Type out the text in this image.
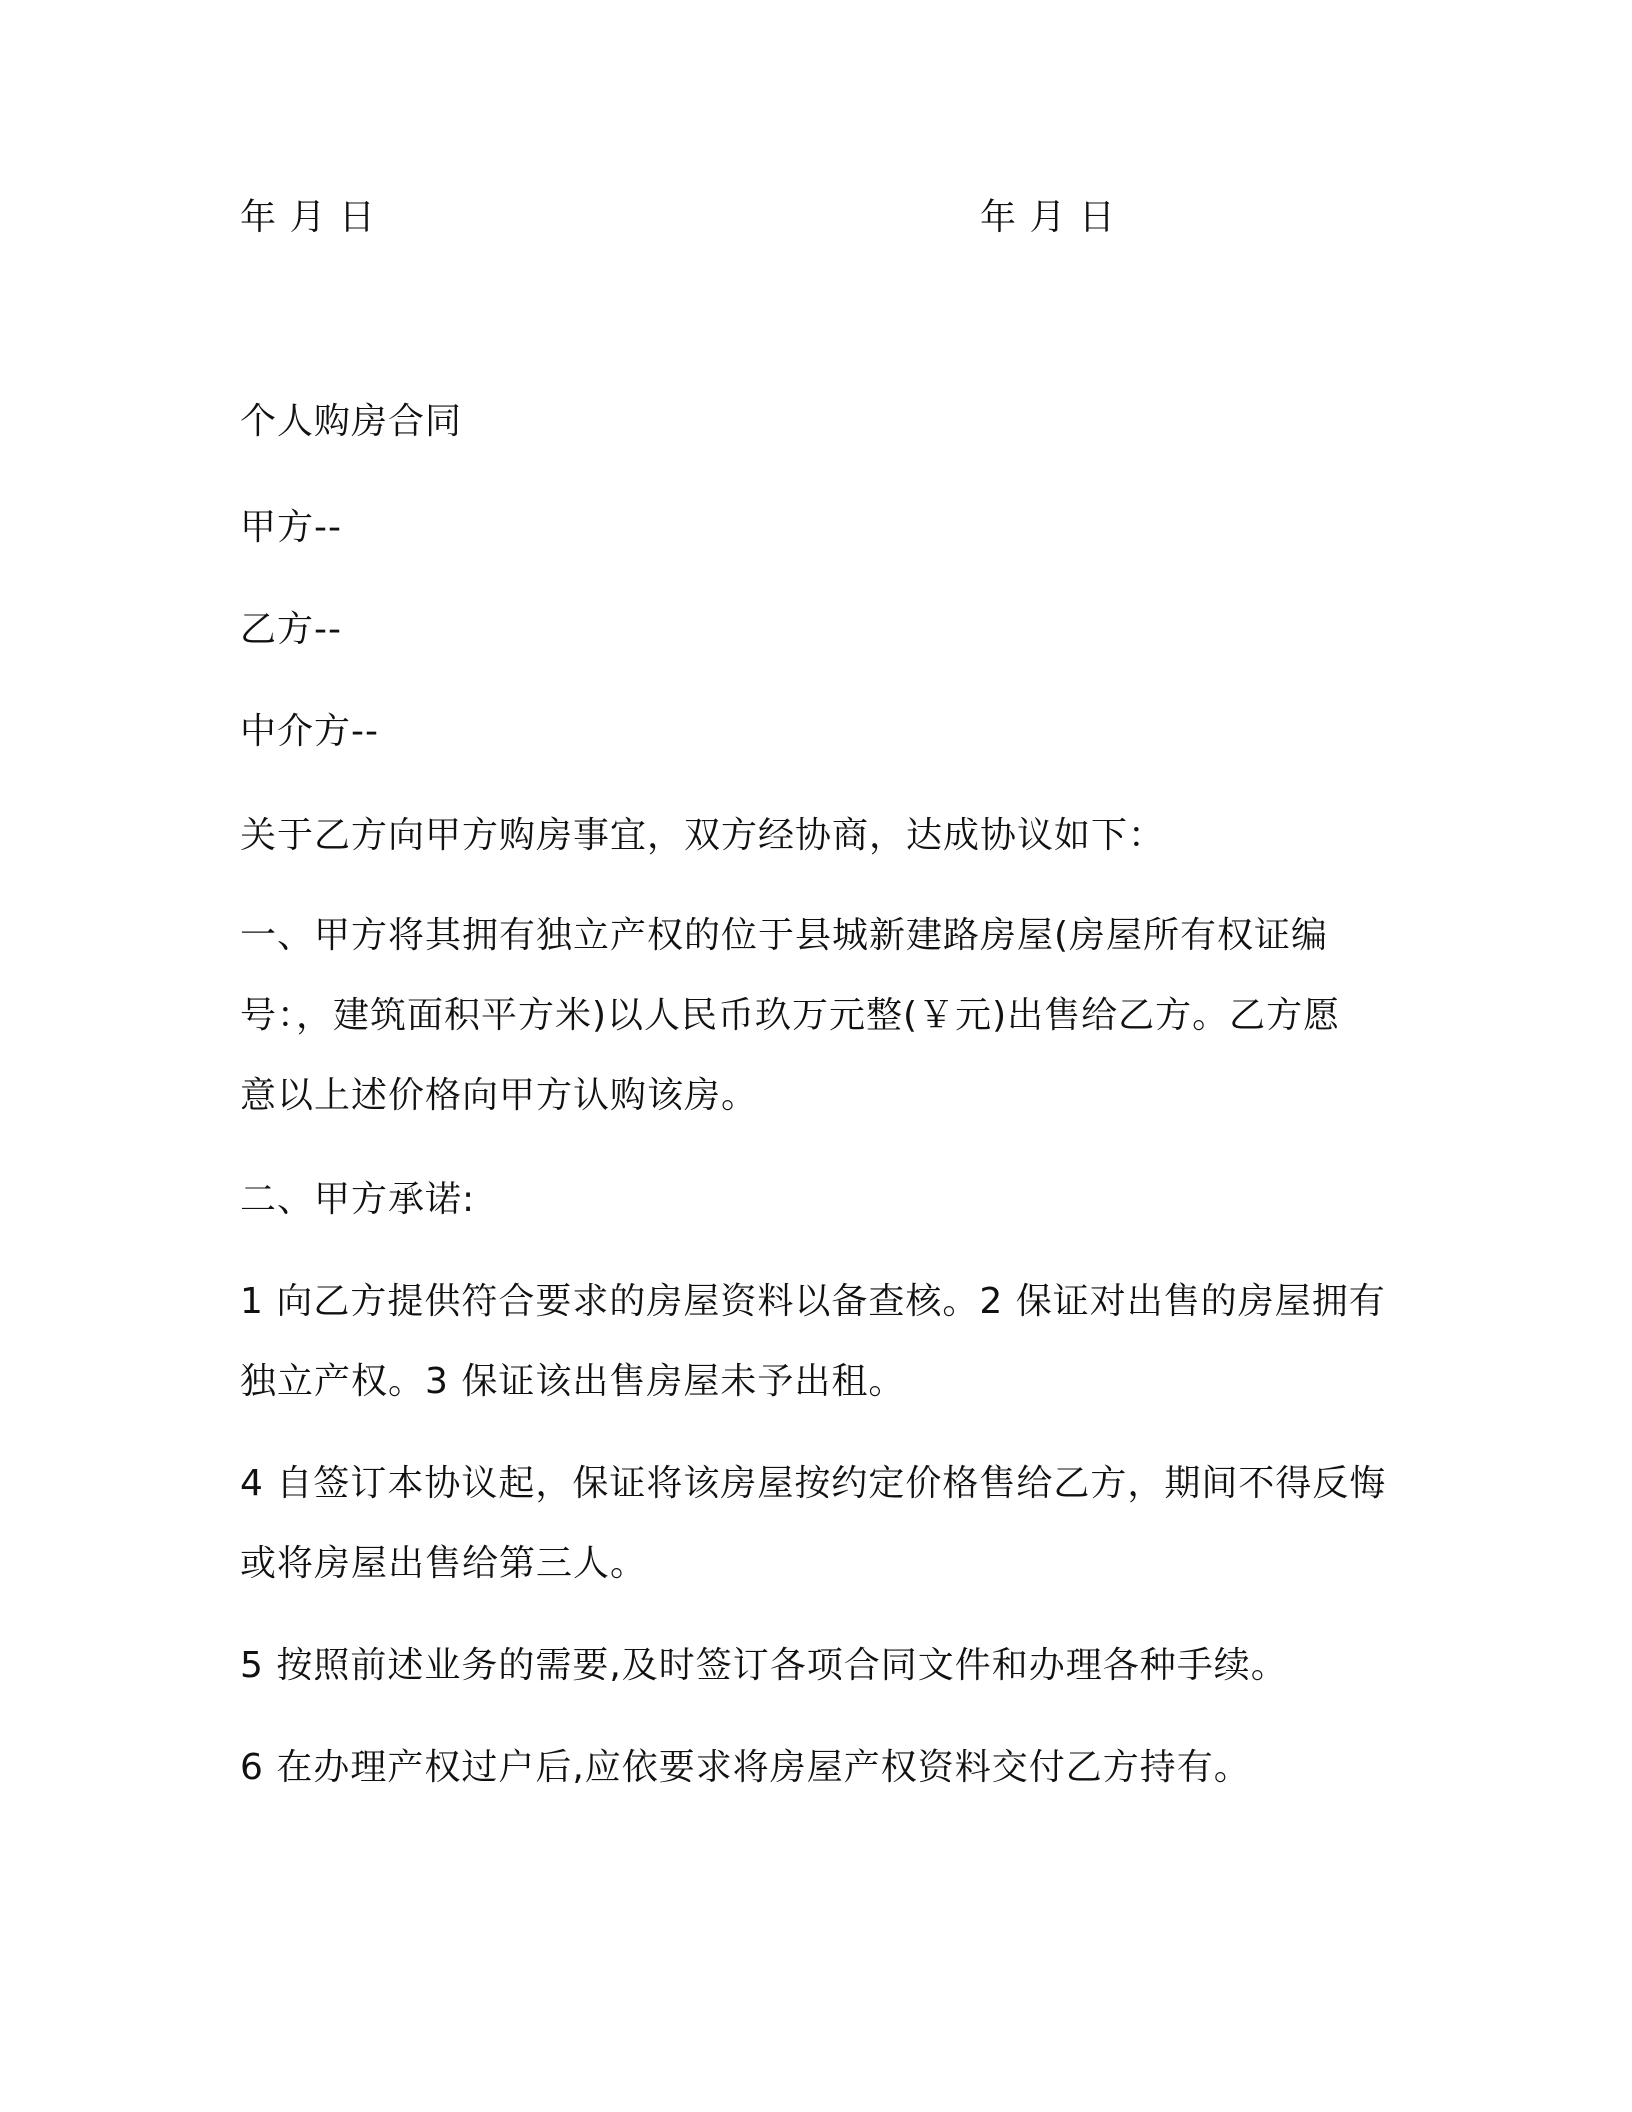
年 月 日	年 月 日
个人购房合同
甲方--
乙方--
中介方--
关于乙方向甲方购房事宜，双方经协商，达成协议如下：
一、甲方将其拥有独立产权的位于县城新建路房屋(房屋所有权证编
号：，建筑面积平方米)以人民币玖万元整(￥元)出售给乙方。乙方愿
意以上述价格向甲方认购该房。
二、甲方承诺:
1 向乙方提供符合要求的房屋资料以备查核。2 保证对出售的房屋拥有
独立产权。3 保证该出售房屋未予出租。
4 自签订本协议起，保证将该房屋按约定价格售给乙方，期间不得反悔
或将房屋出售给第三人。
5 按照前述业务的需要,及时签订各项合同文件和办理各种手续。
6 在办理产权过户后,应依要求将房屋产权资料交付乙方持有。
